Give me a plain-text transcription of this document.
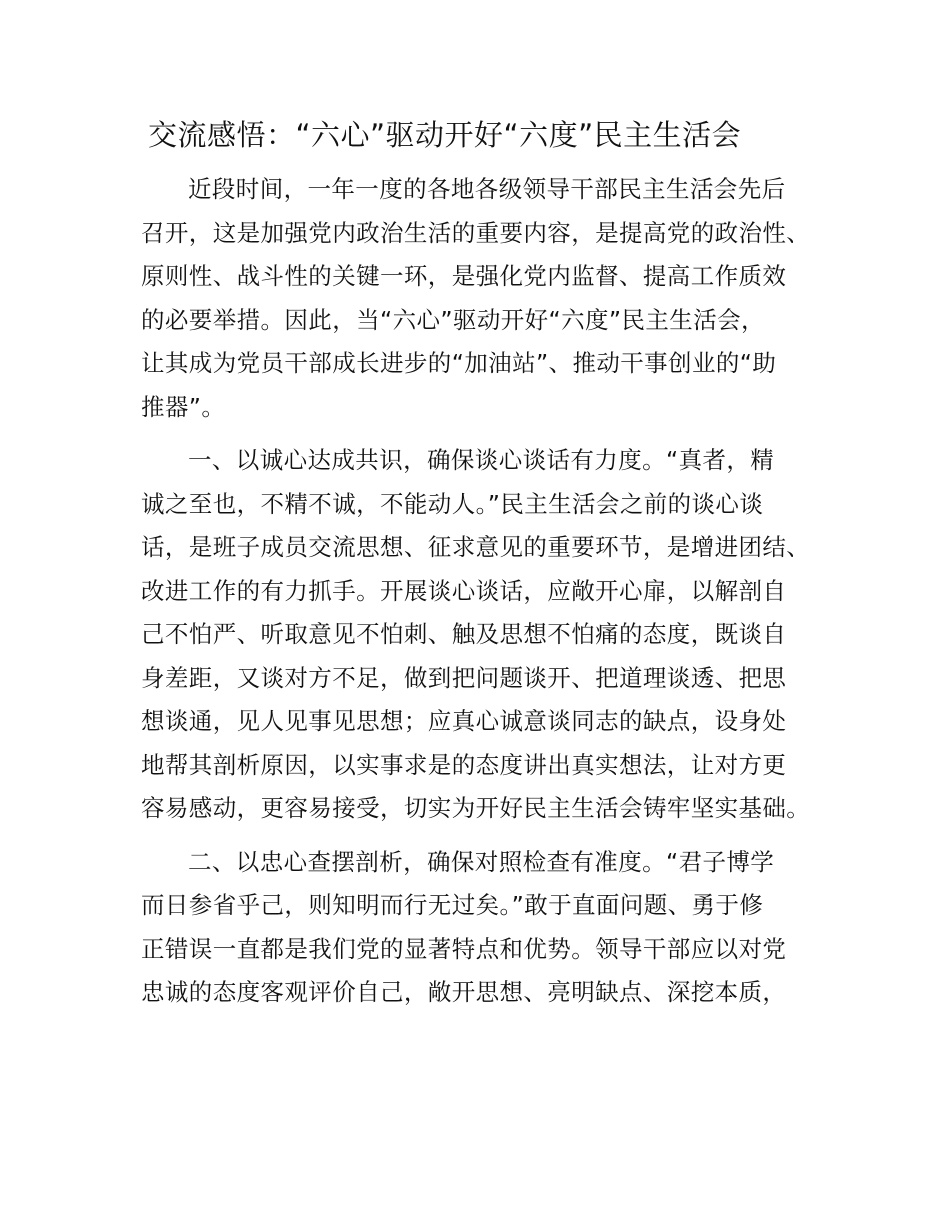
交流感悟：“六心”驱动开好“六度”民主生活会
近段时间，一年一度的各地各级领导干部民主生活会先后
召开，这是加强党内政治生活的重要内容，是提高党的政治性、
原则性、战斗性的关键一环，是强化党内监督、提高工作质效
的必要举措。因此，当“六心”驱动开好“六度”民主生活会，
让其成为党员干部成长进步的“加油站”、推动干事创业的“助
推器”。
一、以诚心达成共识，确保谈心谈话有力度。“真者，精
诚之至也，不精不诚，不能动人。”民主生活会之前的谈心谈
话，是班子成员交流思想、征求意见的重要环节，是增进团结、
改进工作的有力抓手。开展谈心谈话，应敞开心扉，以解剖自
己不怕严、听取意见不怕刺、触及思想不怕痛的态度，既谈自
身差距，又谈对方不足，做到把问题谈开、把道理谈透、把思
想谈通，见人见事见思想；应真心诚意谈同志的缺点，设身处
地帮其剖析原因，以实事求是的态度讲出真实想法，让对方更
容易感动，更容易接受，切实为开好民主生活会铸牢坚实基础。
二、以忠心查摆剖析，确保对照检查有准度。“君子博学
而日参省乎己，则知明而行无过矣。”敢于直面问题、勇于修
正错误一直都是我们党的显著特点和优势。领导干部应以对党
忠诚的态度客观评价自己，敞开思想、亮明缺点、深挖本质，
